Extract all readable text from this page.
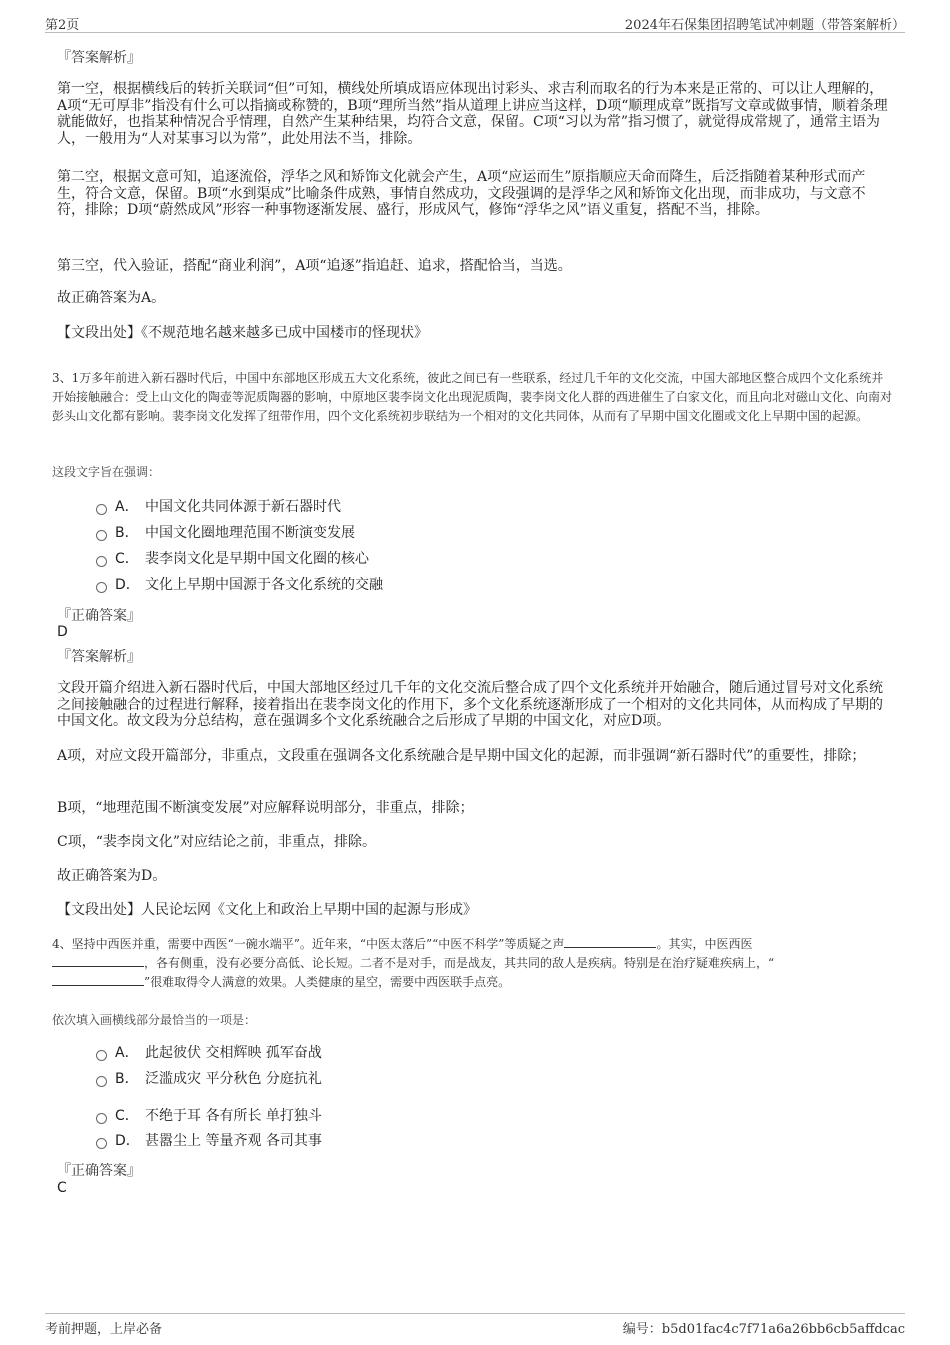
第2页	2024年石保集团招聘笔试冲刺题（带答案解析）
『答案解析』
第一空，根据横线后的转折关联词“但”可知，横线处所填成语应体现出讨彩头、求吉利而取名的行为本来是正常的、可以让人理解的，A项“无可厚非”指没有什么可以指摘或称赞的，B项“理所当然”指从道理上讲应当这样，D项“顺理成章”既指写文章或做事情，顺着条理就能做好，也指某种情况合乎情理，自然产生某种结果，均符合文意，保留。C项“习以为常”指习惯了，就觉得成常规了，通常主语为人，一般用为“人对某事习以为常”，此处用法不当，排除。
第二空，根据文意可知，追逐流俗，浮华之风和矫饰文化就会产生，A项“应运而生”原指顺应天命而降生，后泛指随着某种形式而产生，符合文意，保留。B项“水到渠成”比喻条件成熟，事情自然成功，文段强调的是浮华之风和矫饰文化出现，而非成功，与文意不符，排除；D项“蔚然成风”形容一种事物逐渐发展、盛行，形成风气，修饰“浮华之风”语义重复，搭配不当，排除。
第三空，代入验证，搭配“商业利润”，A项“追逐”指追赶、追求，搭配恰当，当选。
故正确答案为A。
【文段出处】《不规范地名越来越多已成中国楼市的怪现状》
3、1万多年前进入新石器时代后，中国中东部地区形成五大文化系统，彼此之间已有一些联系，经过几千年的文化交流，中国大部地区整合成四个文化系统并开始接触融合：受上山文化的陶壶等泥质陶器的影响，中原地区裴李岗文化出现泥质陶，裴李岗文化人群的西进催生了白家文化，而且向北对磁山文化、向南对彭头山文化都有影响。裴李岗文化发挥了纽带作用，四个文化系统初步联结为一个相对的文化共同体，从而有了早期中国文化圈或文化上早期中国的起源。
这段文字旨在强调：
A． 中国文化共同体源于新石器时代
B． 中国文化圈地理范围不断演变发展
C． 裴李岗文化是早期中国文化圈的核心
D． 文化上早期中国源于各文化系统的交融
『正确答案』
D
『答案解析』
文段开篇介绍进入新石器时代后，中国大部地区经过几千年的文化交流后整合成了四个文化系统并开始融合，随后通过冒号对文化系统之间接触融合的过程进行解释，接着指出在裴李岗文化的作用下，多个文化系统逐渐形成了一个相对的文化共同体，从而构成了早期的中国文化。故文段为分总结构，意在强调多个文化系统融合之后形成了早期的中国文化，对应D项。
A项，对应文段开篇部分，非重点，文段重在强调各文化系统融合是早期中国文化的起源，而非强调“新石器时代”的重要性，排除；
B项，“地理范围不断演变发展”对应解释说明部分，非重点，排除；
C项，“裴李岗文化”对应结论之前，非重点，排除。
故正确答案为D。
【文段出处】人民论坛网《文化上和政治上早期中国的起源与形成》
4、坚持中西医并重，需要中西医“一碗水端平”。近年来，“中医太落后”“中医不科学”等质疑之声	。其实，中医西医
，各有侧重，没有必要分高低、论长短。二者不是对手，而是战友，其共同的敌人是疾病。特别是在治疗疑难疾病上，“
”很难取得令人满意的效果。人类健康的星空，需要中西医联手点亮。
依次填入画横线部分最恰当的一项是：
A． 此起彼伏 交相辉映 孤军奋战
B． 泛滥成灾 平分秋色 分庭抗礼
C． 不绝于耳 各有所长 单打独斗
D． 甚嚣尘上 等量齐观 各司其事
『正确答案』
C
考前押题，上岸必备	编号：b5d01fac4c7f71a6a26bb6cb5affdcac
